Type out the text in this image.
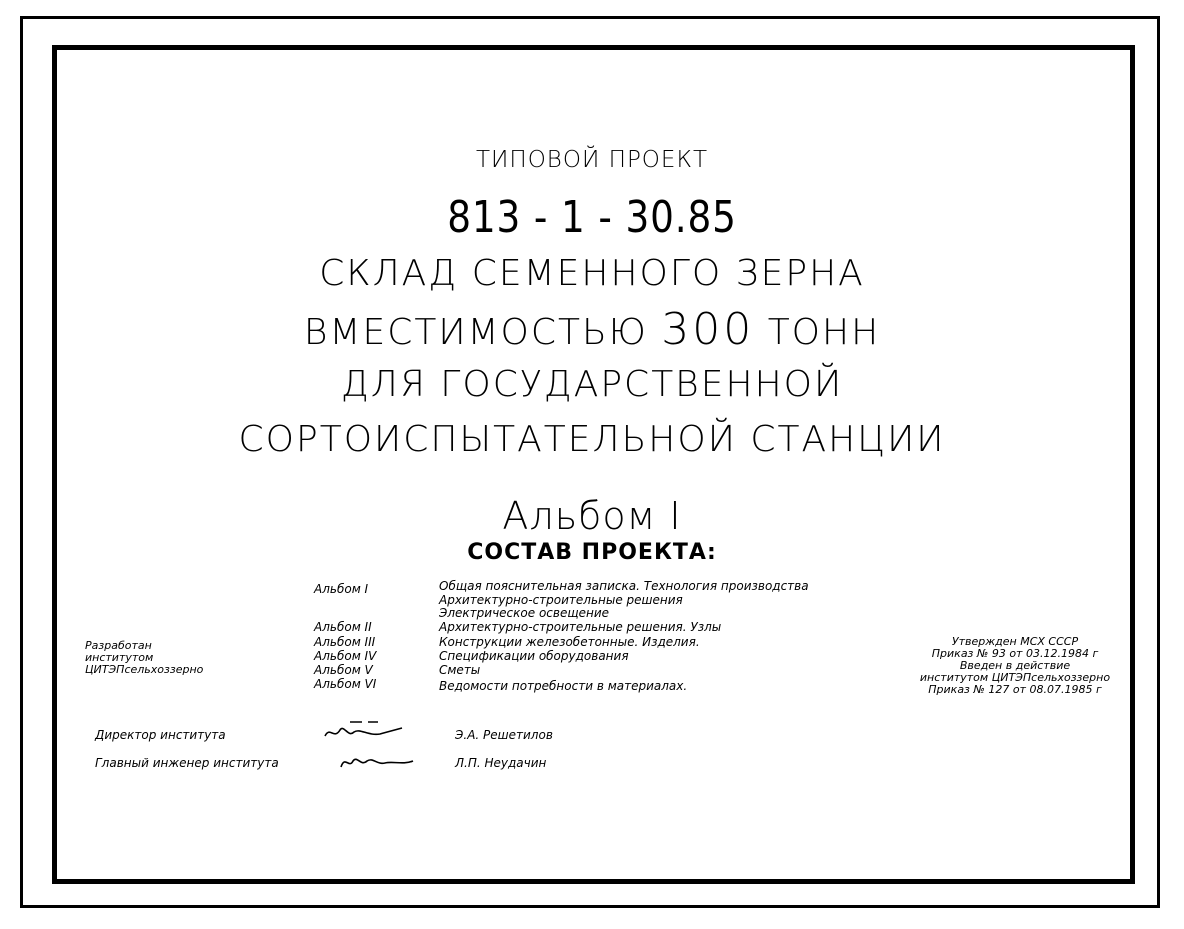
ТИПОВОЙ ПРОЕКТ
813 - 1 - 30.85
СКЛАД СЕМЕННОГО ЗЕРНА
ВМЕСТИМОСТЬЮ 300 ТОНН
ДЛЯ ГОСУДАРСТВЕННОЙ
СОРТОИСПЫТАТЕЛЬНОЙ СТАНЦИИ
Альбом I
СОСТАВ ПРОЕКТА:
Альбом I	Общая пояснительная записка. Технология производства
Архитектурно-строительные решения
Электрическое освещение
Альбом II	Архитектурно-строительные решения. Узлы
Альбом III	Конструкции железобетонные. Изделия.
Альбом IV	Спецификации оборудования
Альбом V	Сметы
Альбом VI	Ведомости потребности в материалах.
Разработан
институтом
ЦИТЭПсельхоззерно
Утвержден МСХ СССР
Приказ № 93 от 03.12.1984 г
Введен в действие
институтом ЦИТЭПсельхоззерно
Приказ № 127 от 08.07.1985 г
Директор института	Э.А. Решетилов
Главный инженер института	Л.П. Неудачин
